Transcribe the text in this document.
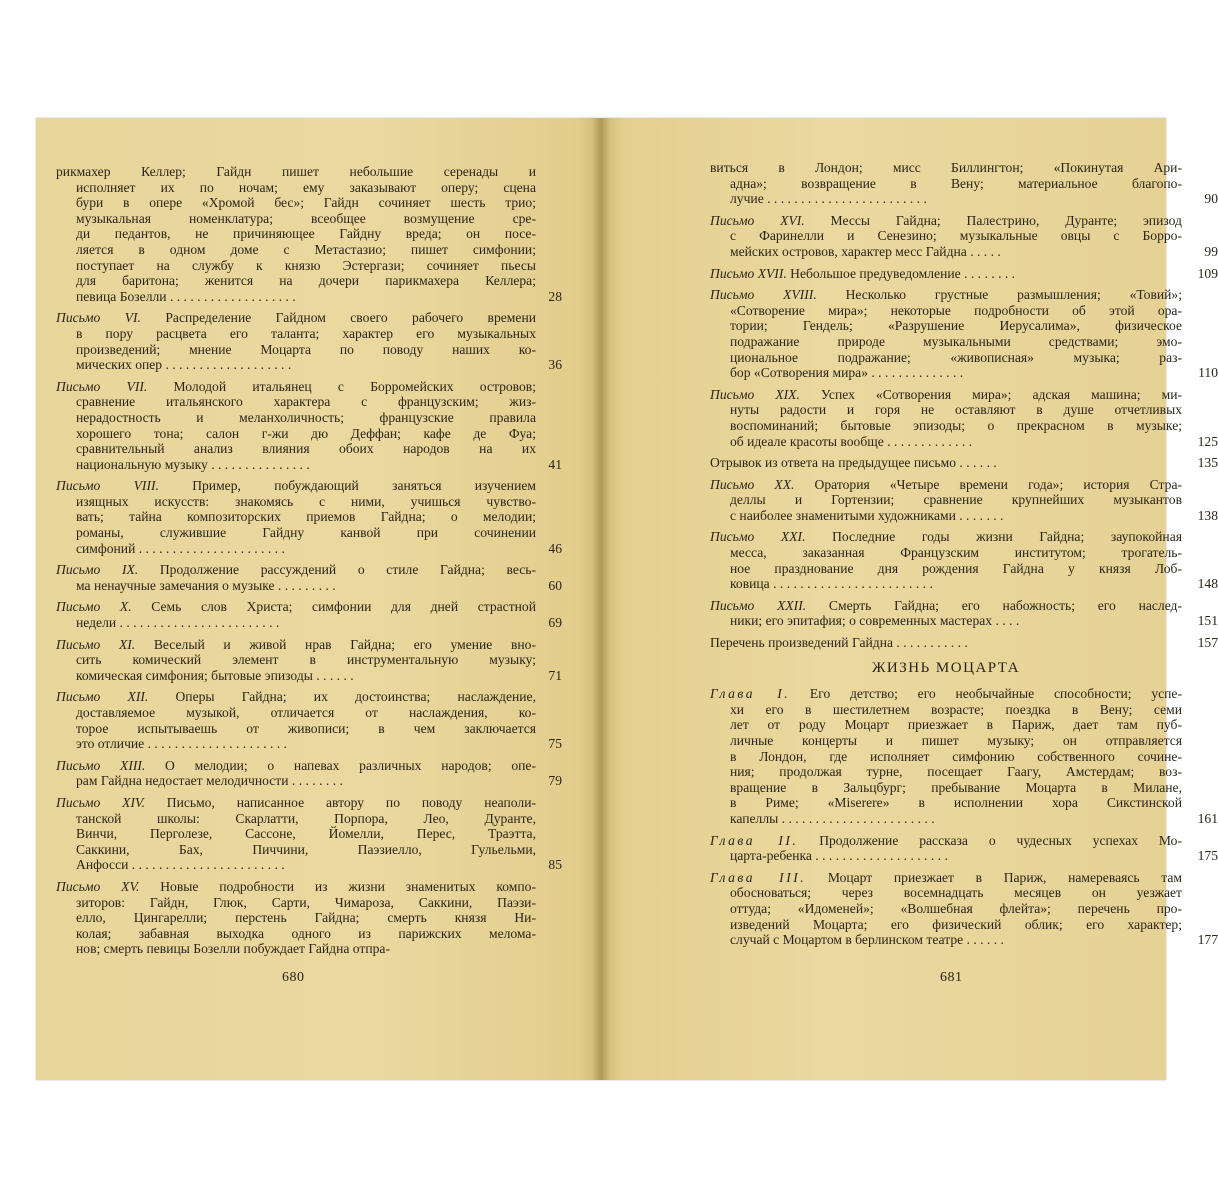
рикмахер Келлер; Гайдн пишет небольшие серенады и
исполняет их по ночам; ему заказывают оперу; сцена
бури в опере «Хромой бес»; Гайдн сочиняет шесть трио;
музыкальная номенклатура; всеобщее возмущение сре-
ди педантов, не причиняющее Гайдну вреда; он посе-
ляется в одном доме с Метастазио; пишет симфонии;
поступает на службу к князю Эстергази; сочиняет пьесы
для баритона; женится на дочери парикмахера Келлера;
певица Бозелли . . . . . . . . . . . . . . . . . . .	28
Письмо VI. Распределение Гайдном своего рабочего времени
в пору расцвета его таланта; характер его музыкальных
произведений; мнение Моцарта по поводу наших ко-
мических опер . . . . . . . . . . . . . . . . . . .	36
Письмо VII. Молодой итальянец с Борромейских островов;
сравнение итальянского характера с французским; жиз-
нерадостность и меланхоличность; французские правила
хорошего тона; салон г-жи дю Деффан; кафе де Фуа;
сравнительный анализ влияния обоих народов на их
национальную музыку . . . . . . . . . . . . . . .	41
Письмо VIII. Пример, побуждающий заняться изучением
изящных искусств: знакомясь с ними, учишься чувство-
вать; тайна композиторских приемов Гайдна; о мелодии;
романы, служившие Гайдну канвой при сочинении
симфоний . . . . . . . . . . . . . . . . . . . . . .	46
Письмо IX. Продолжение рассуждений о стиле Гайдна; весь-
ма ненаучные замечания о музыке . . . . . . . . .	60
Письмо X. Семь слов Христа; симфонии для дней страстной
недели . . . . . . . . . . . . . . . . . . . . . . . .	69
Письмо XI. Веселый и живой нрав Гайдна; его умение вно-
сить комический элемент в инструментальную музыку;
комическая симфония; бытовые эпизоды . . . . . .	71
Письмо XII. Оперы Гайдна; их достоинства; наслаждение,
доставляемое музыкой, отличается от наслаждения, ко-
торое испытываешь от живописи; в чем заключается
это отличие . . . . . . . . . . . . . . . . . . . . .	75
Письмо XIII. О мелодии; о напевах различных народов; опе-
рам Гайдна недостает мелодичности . . . . . . . .	79
Письмо XIV. Письмо, написанное автору по поводу неаполи-
танской школы: Скарлатти, Порпора, Лео, Дуранте,
Винчи, Перголезе, Сассоне, Йомелли, Перес, Траэтта,
Саккини, Бах, Пиччини, Паэзиелло, Гульельми,
Анфосси . . . . . . . . . . . . . . . . . . . . . . .	85
Письмо XV. Новые подробности из жизни знаменитых компо-
зиторов: Гайдн, Глюк, Сарти, Чимароза, Саккини, Паэзи-
елло, Цингарелли; перстень Гайдна; смерть князя Ни-
колая; забавная выходка одного из парижских мелома-
нов; смерть певицы Бозелли побуждает Гайдна отпра-
680
виться в Лондон; мисс Биллингтон; «Покинутая Ари-
адна»; возвращение в Вену; материальное благопо-
лучие . . . . . . . . . . . . . . . . . . . . . . . .	90
Письмо XVI. Мессы Гайдна; Палестрино, Дуранте; эпизод
с Фаринелли и Сенезино; музыкальные овцы с Борро-
мейских островов, характер месс Гайдна . . . . .	99
Письмо XVII. Небольшое предуведомление . . . . . . . .	109
Письмо XVIII. Несколько грустные размышления; «Товий»;
«Сотворение мира»; некоторые подробности об этой ора-
тории; Гендель; «Разрушение Иерусалима», физическое
подражание природе музыкальными средствами; эмо-
циональное подражание; «живописная» музыка; раз-
бор «Сотворения мира» . . . . . . . . . . . . . .	110
Письмо XIX. Успех «Сотворения мира»; адская машина; ми-
нуты радости и горя не оставляют в душе отчетливых
воспоминаний; бытовые эпизоды; о прекрасном в музыке;
об идеале красоты вообще . . . . . . . . . . . . .	125
Отрывок из ответа на предыдущее письмо . . . . . .	135
Письмо XX. Оратория «Четыре времени года»; история Стра-
деллы и Гортензии; сравнение крупнейших музыкантов
с наиболее знаменитыми художниками . . . . . . .	138
Письмо XXI. Последние годы жизни Гайдна; заупокойная
месса, заказанная Французским институтом; трогатель-
ное празднование дня рождения Гайдна у князя Лоб-
ковица . . . . . . . . . . . . . . . . . . . . . . . .	148
Письмо XXII. Смерть Гайдна; его набожность; его наслед-
ники; его эпитафия; о современных мастерах . . . .	151
Перечень произведений Гайдна . . . . . . . . . . .	157
ЖИЗНЬ МОЦАРТА
Глава I. Его детство; его необычайные способности; успе-
хи его в шестилетнем возрасте; поездка в Вену; семи
лет от роду Моцарт приезжает в Париж, дает там пуб-
личные концерты и пишет музыку; он отправляется
в Лондон, где исполняет симфонию собственного сочине-
ния; продолжая турне, посещает Гаагу, Амстердам; воз-
вращение в Зальцбург; пребывание Моцарта в Милане,
в Риме; «Miserere» в исполнении хора Сикстинской
капеллы . . . . . . . . . . . . . . . . . . . . . . .	161
Глава II. Продолжение рассказа о чудесных успехах Мо-
царта-ребенка . . . . . . . . . . . . . . . . . . . .	175
Глава III. Моцарт приезжает в Париж, намереваясь там
обосноваться; через восемнадцать месяцев он уезжает
оттуда; «Идоменей»; «Волшебная флейта»; перечень про-
изведений Моцарта; его физический облик; его характер;
случай с Моцартом в берлинском театре . . . . . .	177
681
